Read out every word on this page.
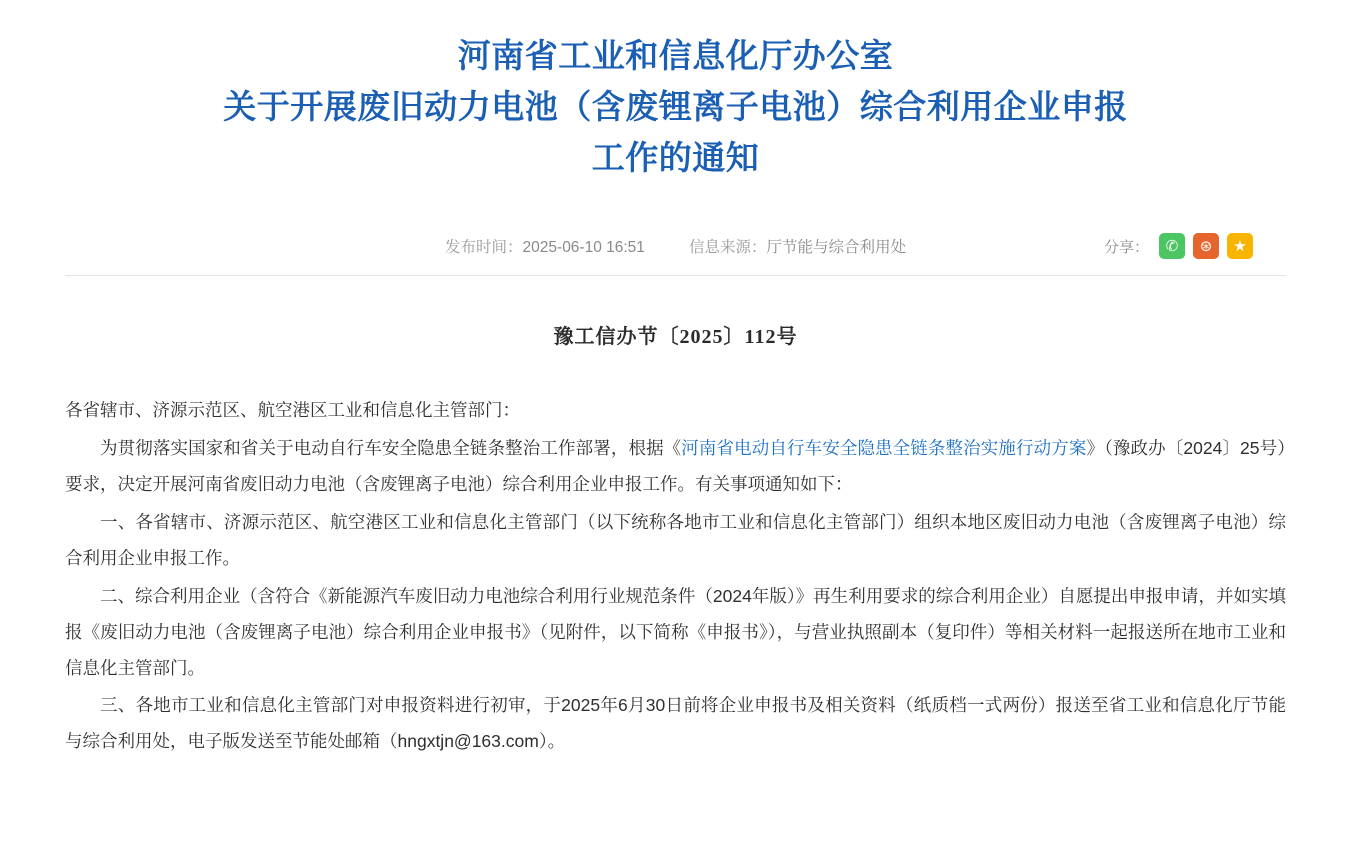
河南省工业和信息化厅办公室
关于开展废旧动力电池（含废锂离子电池）综合利用企业申报
工作的通知
发布时间：2025-06-10 16:51	信息来源：厅节能与综合利用处	分享： ✆ ⊛ ★
豫工信办节〔2025〕112号

各省辖市、济源示范区、航空港区工业和信息化主管部门：

为贯彻落实国家和省关于电动自行车安全隐患全链条整治工作部署，根据《河南省电动自行车安全隐患全链条整治实施行动方案》（豫政办〔2024〕25号）要求，决定开展河南省废旧动力电池（含废锂离子电池）综合利用企业申报工作。有关事项通知如下：

一、各省辖市、济源示范区、航空港区工业和信息化主管部门（以下统称各地市工业和信息化主管部门）组织本地区废旧动力电池（含废锂离子电池）综合利用企业申报工作。

二、综合利用企业（含符合《新能源汽车废旧动力电池综合利用行业规范条件（2024年版）》再生利用要求的综合利用企业）自愿提出申报申请，并如实填报《废旧动力电池（含废锂离子电池）综合利用企业申报书》（见附件，以下简称《申报书》），与营业执照副本（复印件）等相关材料一起报送所在地市工业和信息化主管部门。

三、各地市工业和信息化主管部门对申报资料进行初审，于2025年6月30日前将企业申报书及相关资料（纸质档一式两份）报送至省工业和信息化厅节能与综合利用处，电子版发送至节能处邮箱（hngxtjn@163.com）。
